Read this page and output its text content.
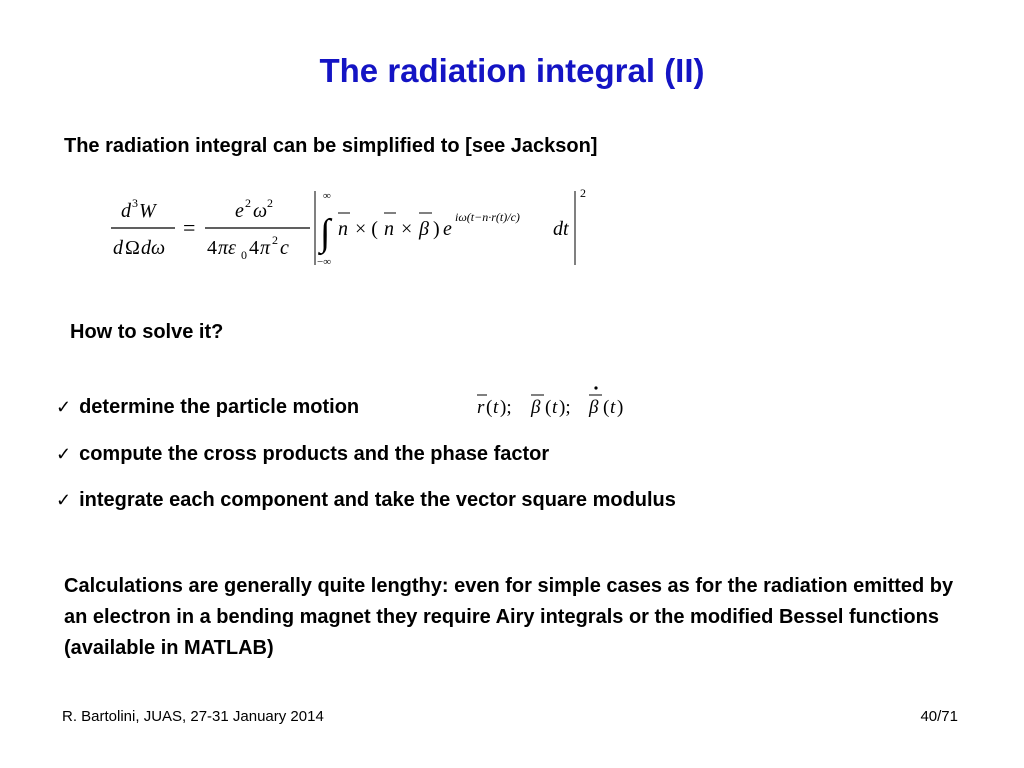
The radiation integral (II)
The radiation integral can be simplified to [see Jackson]
d 3 W
d Ω dω
=
e 2 ω 2
4 πε 0 4 π 2 c ∫
∞
−∞
n × ( n × β ) e
iω(t−n·r(t)/c)
dt
2
How to solve it?
✓ determine the particle motion	r ( t ); β ( t ); β ( t )
✓ compute the cross products and the phase factor
✓ integrate each component and take the vector square modulus
Calculations are generally quite lengthy: even for simple cases as for the radiation emitted by an electron in a bending magnet they require Airy integrals or the modified Bessel functions (available in MATLAB)
R. Bartolini, JUAS, 27-31 January 2014	40/71
